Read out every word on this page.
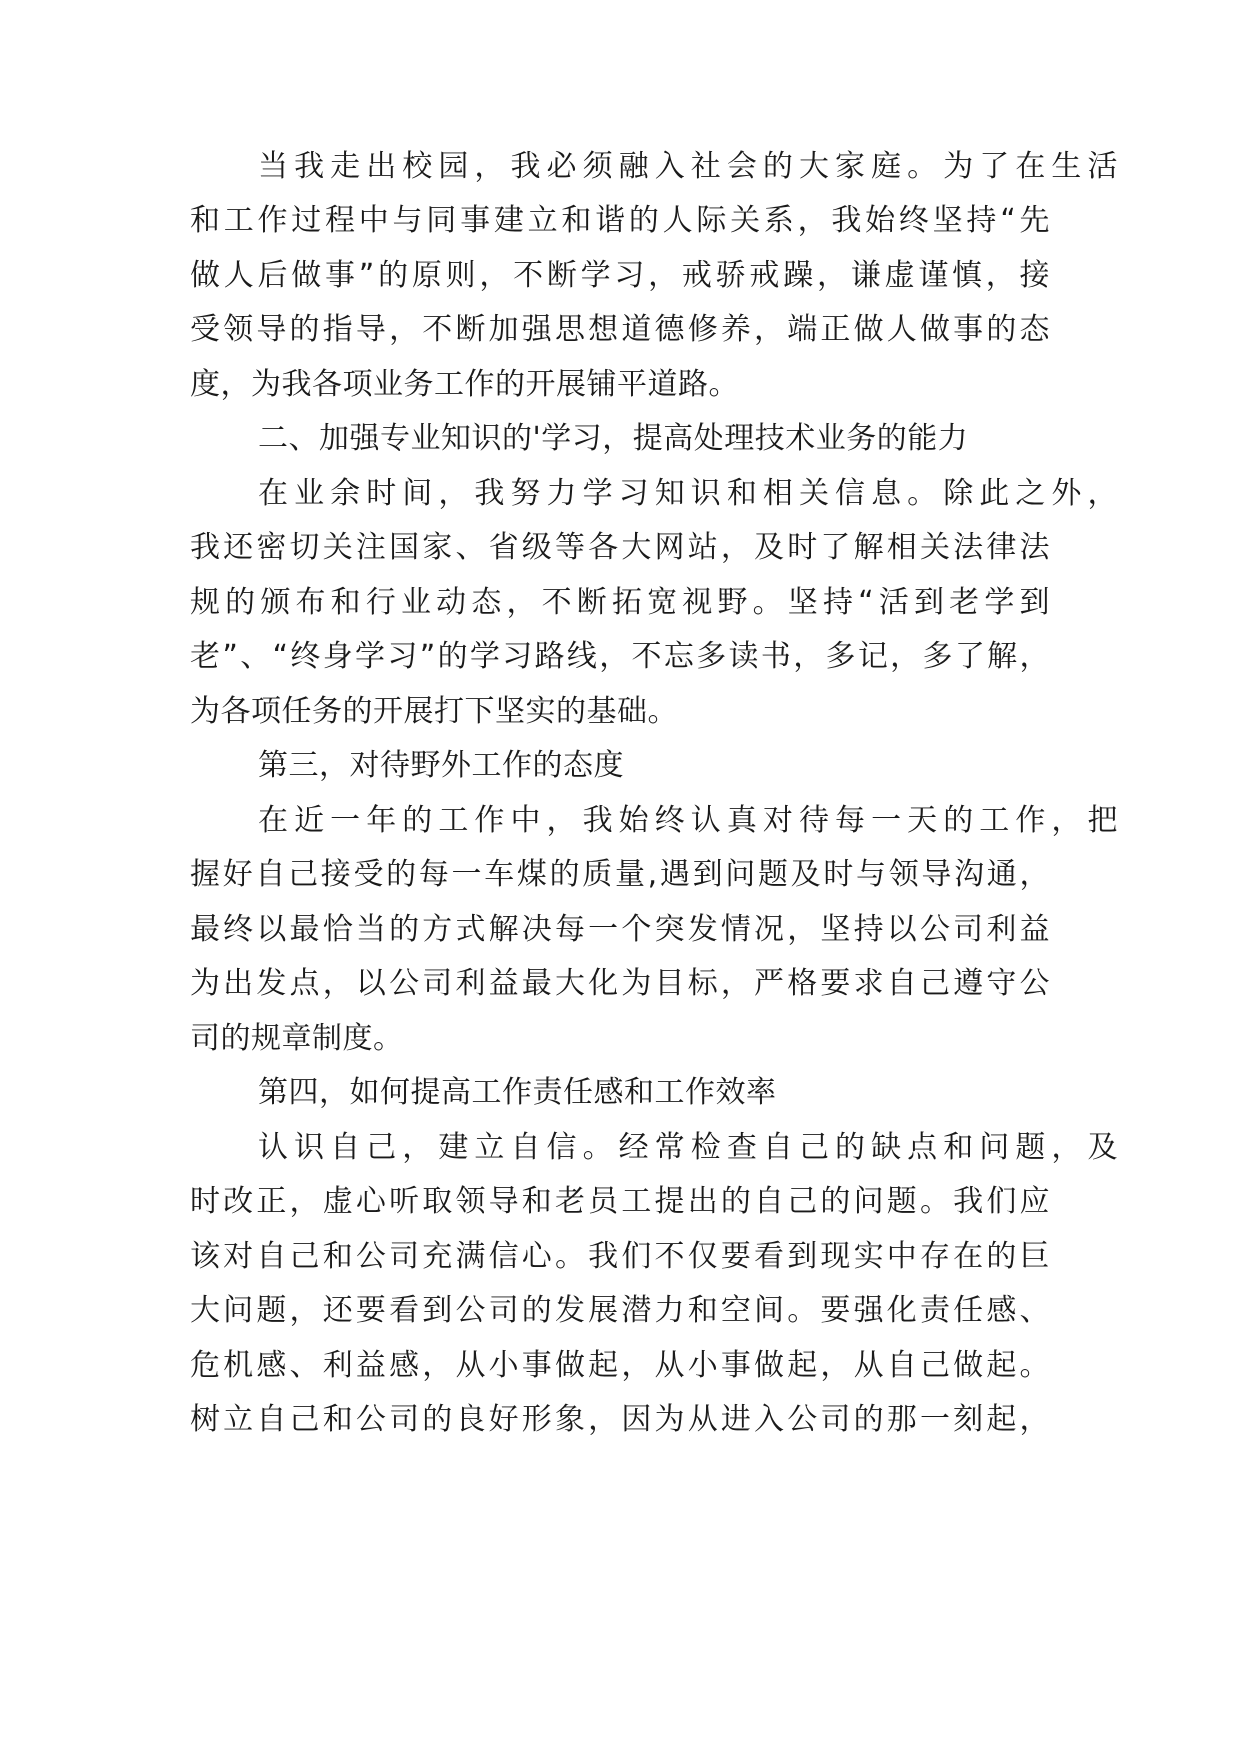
当我走出校园，我必须融入社会的大家庭。为了在生活
和工作过程中与同事建立和谐的人际关系，我始终坚持“先
做人后做事”的原则，不断学习，戒骄戒躁，谦虚谨慎，接
受领导的指导，不断加强思想道德修养，端正做人做事的态
度，为我各项业务工作的开展铺平道路。
二、加强专业知识的'学习，提高处理技术业务的能力
在业余时间，我努力学习知识和相关信息。除此之外，
我还密切关注国家、省级等各大网站，及时了解相关法律法
规的颁布和行业动态，不断拓宽视野。坚持“活到老学到
老”、“终身学习”的学习路线，不忘多读书，多记，多了解，
为各项任务的开展打下坚实的基础。
第三，对待野外工作的态度
在近一年的工作中，我始终认真对待每一天的工作，把
握好自己接受的每一车煤的质量,遇到问题及时与领导沟通，
最终以最恰当的方式解决每一个突发情况，坚持以公司利益
为出发点，以公司利益最大化为目标，严格要求自己遵守公
司的规章制度。
第四，如何提高工作责任感和工作效率
认识自己，建立自信。经常检查自己的缺点和问题，及
时改正，虚心听取领导和老员工提出的自己的问题。我们应
该对自己和公司充满信心。我们不仅要看到现实中存在的巨
大问题，还要看到公司的发展潜力和空间。要强化责任感、
危机感、利益感，从小事做起，从小事做起，从自己做起。
树立自己和公司的良好形象，因为从进入公司的那一刻起，
